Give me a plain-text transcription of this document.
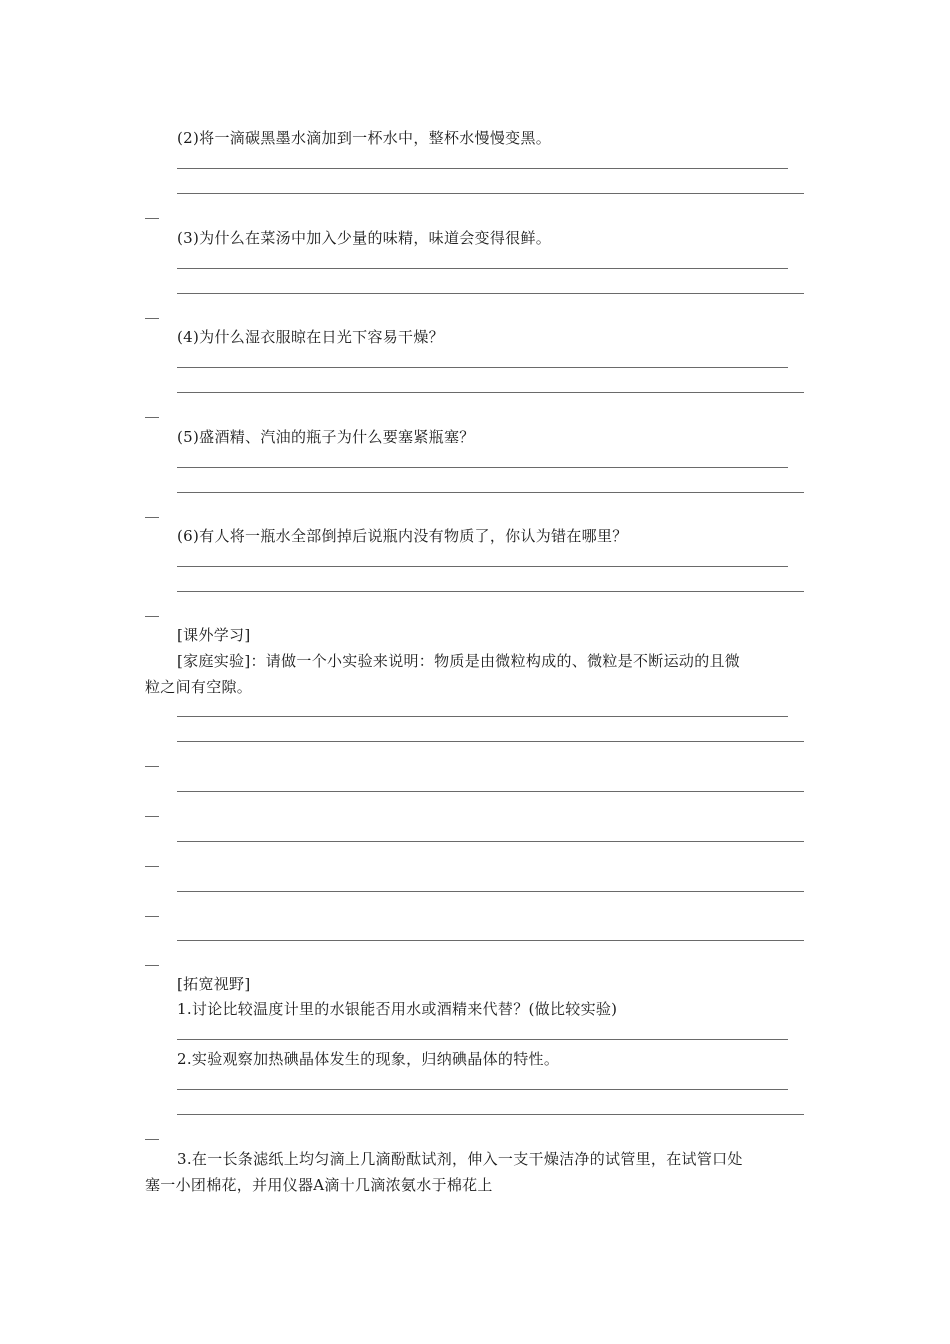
(2)将一滴碳黑墨水滴加到一杯水中，整杯水慢慢变黑。
(3)为什么在菜汤中加入少量的味精，味道会变得很鲜。
(4)为什么湿衣服晾在日光下容易干燥？
(5)盛酒精、汽油的瓶子为什么要塞紧瓶塞？
(6)有人将一瓶水全部倒掉后说瓶内没有物质了，你认为错在哪里？
[课外学习]
[家庭实验]：请做一个小实验来说明：物质是由微粒构成的、微粒是不断运动的且微
粒之间有空隙。
[拓宽视野]
1.讨论比较温度计里的水银能否用水或酒精来代替？(做比较实验)
2.实验观察加热碘晶体发生的现象，归纳碘晶体的特性。
3.在一长条滤纸上均匀滴上几滴酚酞试剂，伸入一支干燥洁净的试管里，在试管口处
塞一小团棉花，并用仪器A滴十几滴浓氨水于棉花上
